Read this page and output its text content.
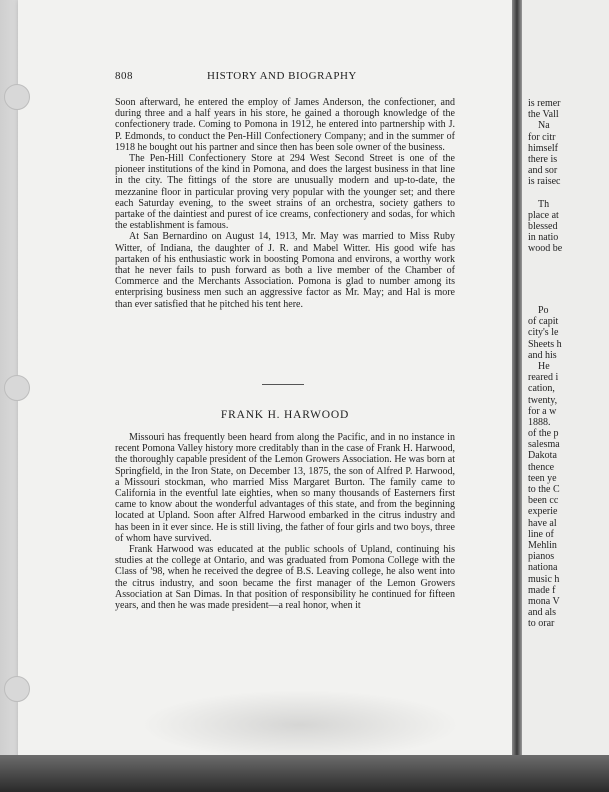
is remer
the Vall
Na
for citr
himself
there is
and sor
is raisec
Th
place at
blessed
in natio
wood be
Po
of capit
city's le
Sheets h
and his
He
reared i
cation,
twenty,
for a w
1888.
of the p
salesma
Dakota
thence
teen ye
to the C
been cc
experie
have al
line of
Mehlin
pianos
nationa
music h
made f
mona V
and als
to orar
808	HISTORY AND BIOGRAPHY

Soon afterward, he entered the employ of James Anderson, the confectioner, and during three and a half years in his store, he gained a thorough knowledge of the confectionery trade. Coming to Pomona in 1912, he entered into partnership with J. P. Edmonds, to conduct the Pen-Hill Confectionery Company; and in the summer of 1918 he bought out his partner and since then has been sole owner of the business.

The Pen-Hill Confectionery Store at 294 West Second Street is one of the pioneer institutions of the kind in Pomona, and does the largest business in that line in the city. The fittings of the store are unusually modern and up-to-date, the mezzanine floor in particular proving very popular with the younger set; and there each Saturday evening, to the sweet strains of an orchestra, society gathers to partake of the daintiest and purest of ice creams, confectionery and sodas, for which the establishment is famous.

At San Bernardino on August 14, 1913, Mr. May was married to Miss Ruby Witter, of Indiana, the daughter of J. R. and Mabel Witter. His good wife has partaken of his enthusiastic work in boosting Pomona and environs, a worthy work that he never fails to push forward as both a live member of the Chamber of Commerce and the Merchants Association. Pomona is glad to number among its enterprising business men such an aggressive factor as Mr. May; and Hal is more than ever satisfied that he pitched his tent here.

FRANK H. HARWOOD

Missouri has frequently been heard from along the Pacific, and in no instance in recent Pomona Valley history more creditably than in the case of Frank H. Harwood, the thoroughly capable president of the Lemon Growers Association. He was born at Springfield, in the Iron State, on December 13, 1875, the son of Alfred P. Harwood, a Missouri stockman, who married Miss Margaret Burton. The family came to California in the eventful late eighties, when so many thousands of Easterners first came to know about the wonderful advantages of this state, and from the beginning located at Upland. Soon after Alfred Harwood embarked in the citrus industry and has been in it ever since. He is still living, the father of four girls and two boys, three of whom have survived.

Frank Harwood was educated at the public schools of Upland, continuing his studies at the college at Ontario, and was graduated from Pomona College with the Class of '98, when he received the degree of B.S. Leaving college, he also went into the citrus industry, and soon became the first manager of the Lemon Growers Association at San Dimas. In that position of responsibility he continued for fifteen years, and then he was made president—a real honor, when it
